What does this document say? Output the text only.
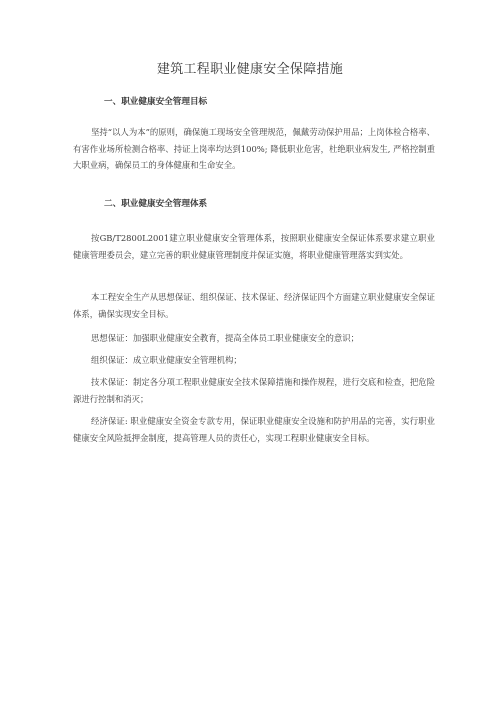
建筑工程职业健康安全保障措施
一、职业健康安全管理目标

坚持“以人为本”的原则，确保施工现场安全管理规范，佩戴劳动保护用品；上岗体检合格率、有害作业场所检测合格率、持证上岗率均达到100%; 降低职业危害，杜绝职业病发生, 严格控制重大职业病，确保员工的身体健康和生命安全。

二、职业健康安全管理体系

按GB/T2800L2001建立职业健康安全管理体系，按照职业健康安全保证体系要求建立职业健康管理委员会，建立完善的职业健康管理制度并保证实施，将职业健康管理落实到实处。

本工程安全生产从思想保证、组织保证、技术保证、经济保证四个方面建立职业健康安全保证体系，确保实现安全目标。

思想保证：加强职业健康安全教育，提高全体员工职业健康安全的意识；

组织保证：成立职业健康安全管理机构；

技术保证：制定各分项工程职业健康安全技术保障措施和操作规程，进行交底和检查，把危险源进行控制和消灭；

经济保证: 职业健康安全资金专款专用，保证职业健康安全设施和防护用品的完善，实行职业健康安全风险抵押金制度，提高管理人员的责任心，实现工程职业健康安全目标。
